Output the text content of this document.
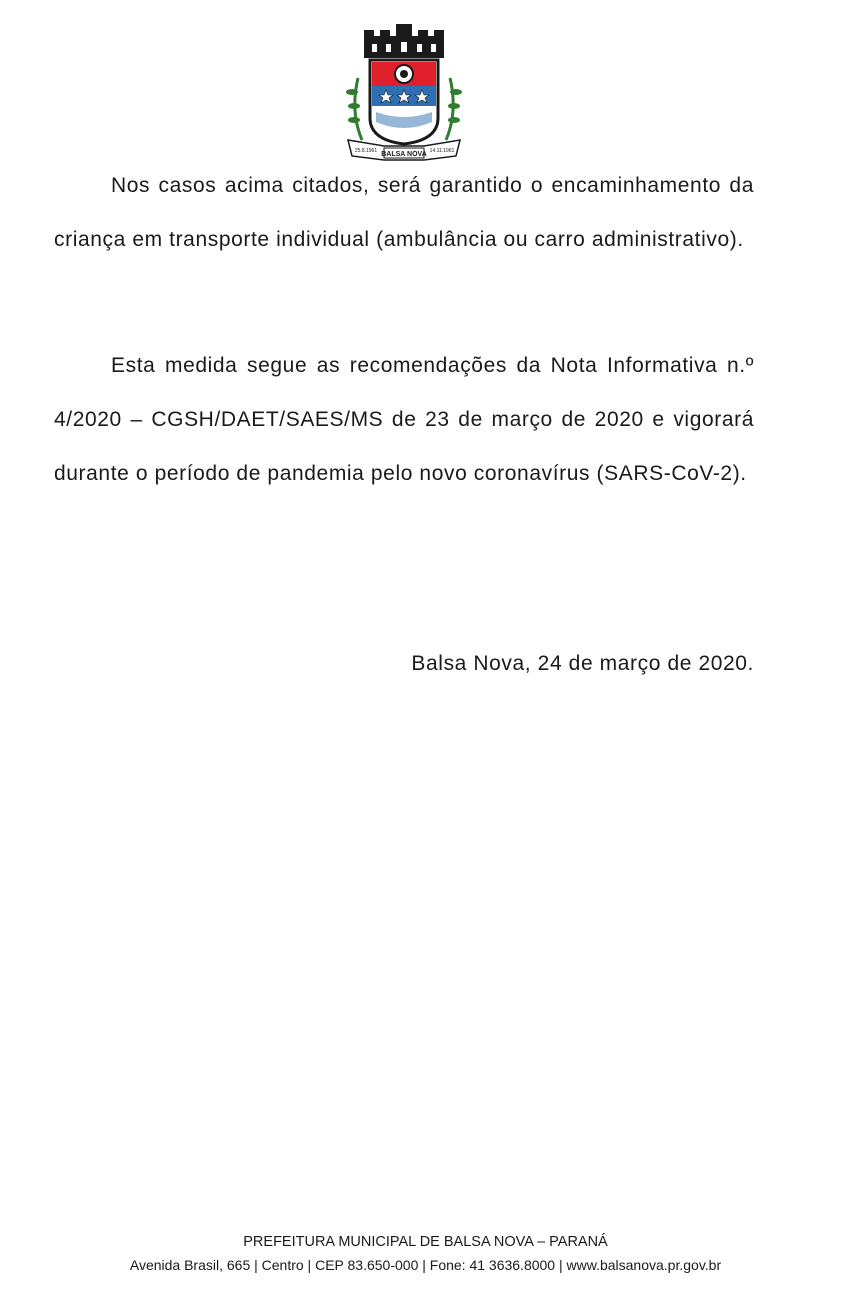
BALSA NOVA
25.8.1961	14.11.1961

Nos casos acima citados, será garantido o encaminhamento da criança em transporte individual (ambulância ou carro administrativo).

Esta medida segue as recomendações da Nota Informativa n.º 4/2020 – CGSH/DAET/SAES/MS de 23 de março de 2020 e vigorará durante o período de pandemia pelo novo coronavírus (SARS-CoV-2).

Balsa Nova, 24 de março de 2020.
PREFEITURA MUNICIPAL DE BALSA NOVA – PARANÁ
Avenida Brasil, 665 | Centro | CEP 83.650-000 | Fone: 41 3636.8000 | www.balsanova.pr.gov.br
